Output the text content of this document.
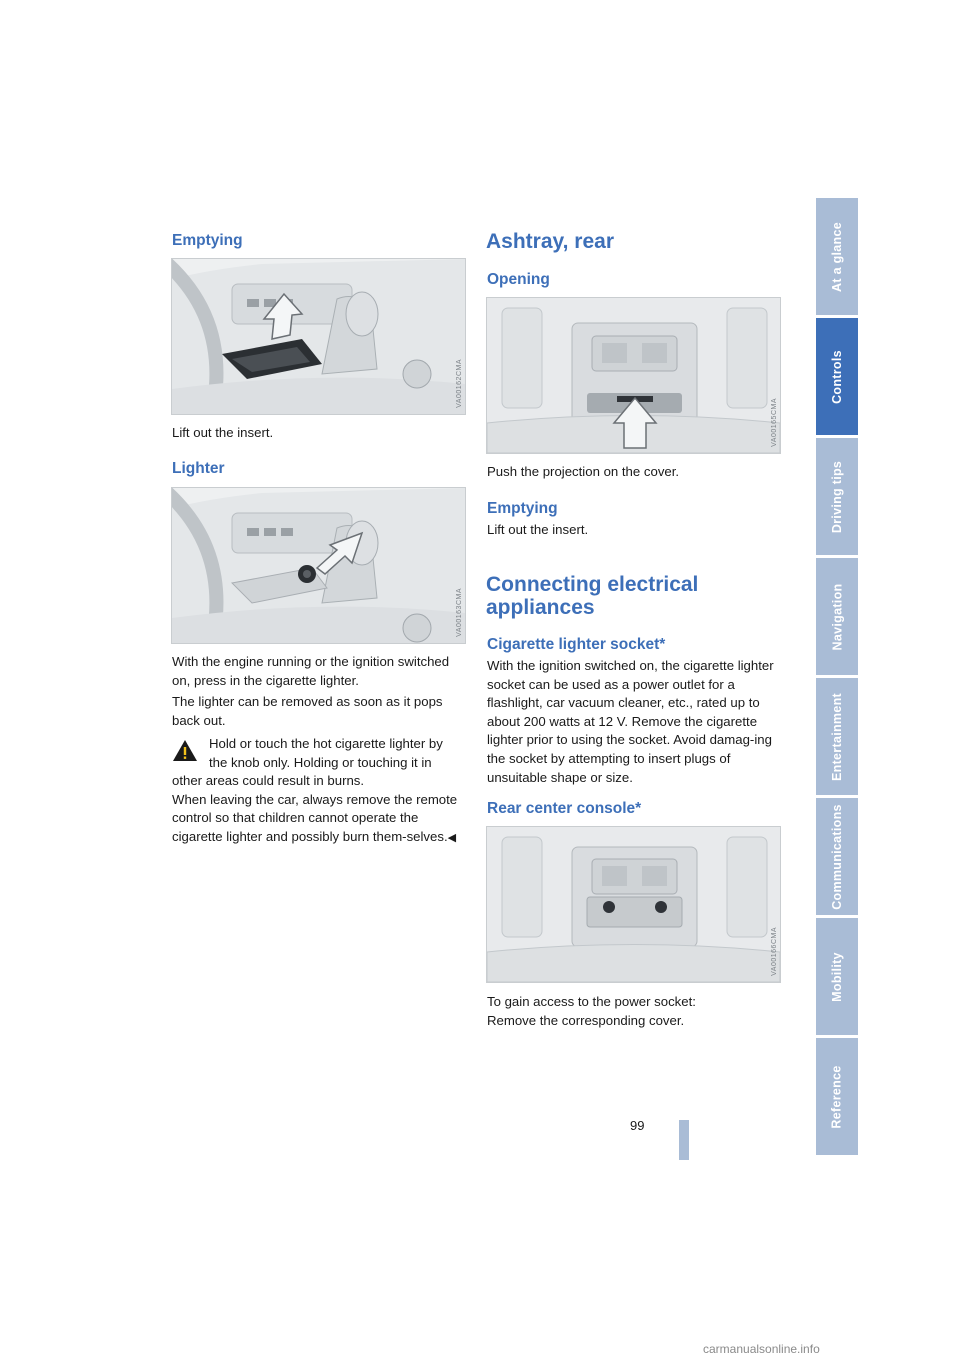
Emptying
VA00162CMA

Lift out the insert.

Lighter
VA00163CMA

With the engine running or the ignition switched on, press in the cigarette lighter.

The lighter can be removed as soon as it pops back out.

Hold or touch the hot cigarette lighter by

the knob only. Holding or touching it in

other areas could result in burns.
When leaving the car, always remove the remote control so that children cannot operate the cigarette lighter and possibly burn them-selves.◀

Ashtray, rear
Opening
VA00165CMA

Push the projection on the cover.

Emptying

Lift out the insert.

Connecting electrical
appliances
Cigarette lighter socket*

With the ignition switched on, the cigarette lighter socket can be used as a power outlet for a flashlight, car vacuum cleaner, etc., rated up to about 200 watts at 12 V. Remove the cigarette lighter prior to using the socket. Avoid damag-ing the socket by attempting to insert plugs of unsuitable shape or size.

Rear center console*
VA00166CMA

To gain access to the power socket:

Remove the corresponding cover.

At a glance
Controls
Driving tips
Navigation
Entertainment
Communications
Mobility
Reference
99
carmanualsonline.info
